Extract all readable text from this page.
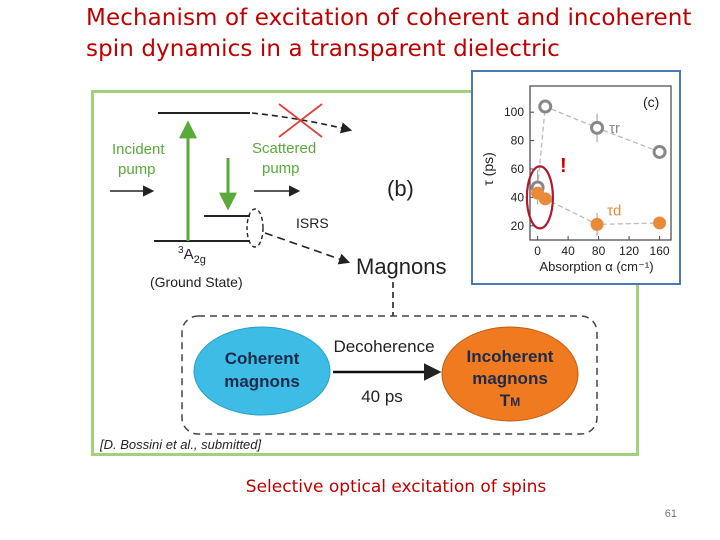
Mechanism of excitation of coherent and incoherent
spin dynamics in a transparent dielectric
Incident
pump
Scattered
pump
(b)
ISRS
$^3A_{2g}$
(Ground State)
Magnons
Coherent
magnons
Decoherence
40 ps
Incoherent
magnons
TM
[D. Bossini et al., submitted]
20
40
60
80
100
0 40 80 120 160
Absorption α (cm⁻¹)
τ (ps)
(c)
τr
τd
!
Selective optical excitation of spins
61
